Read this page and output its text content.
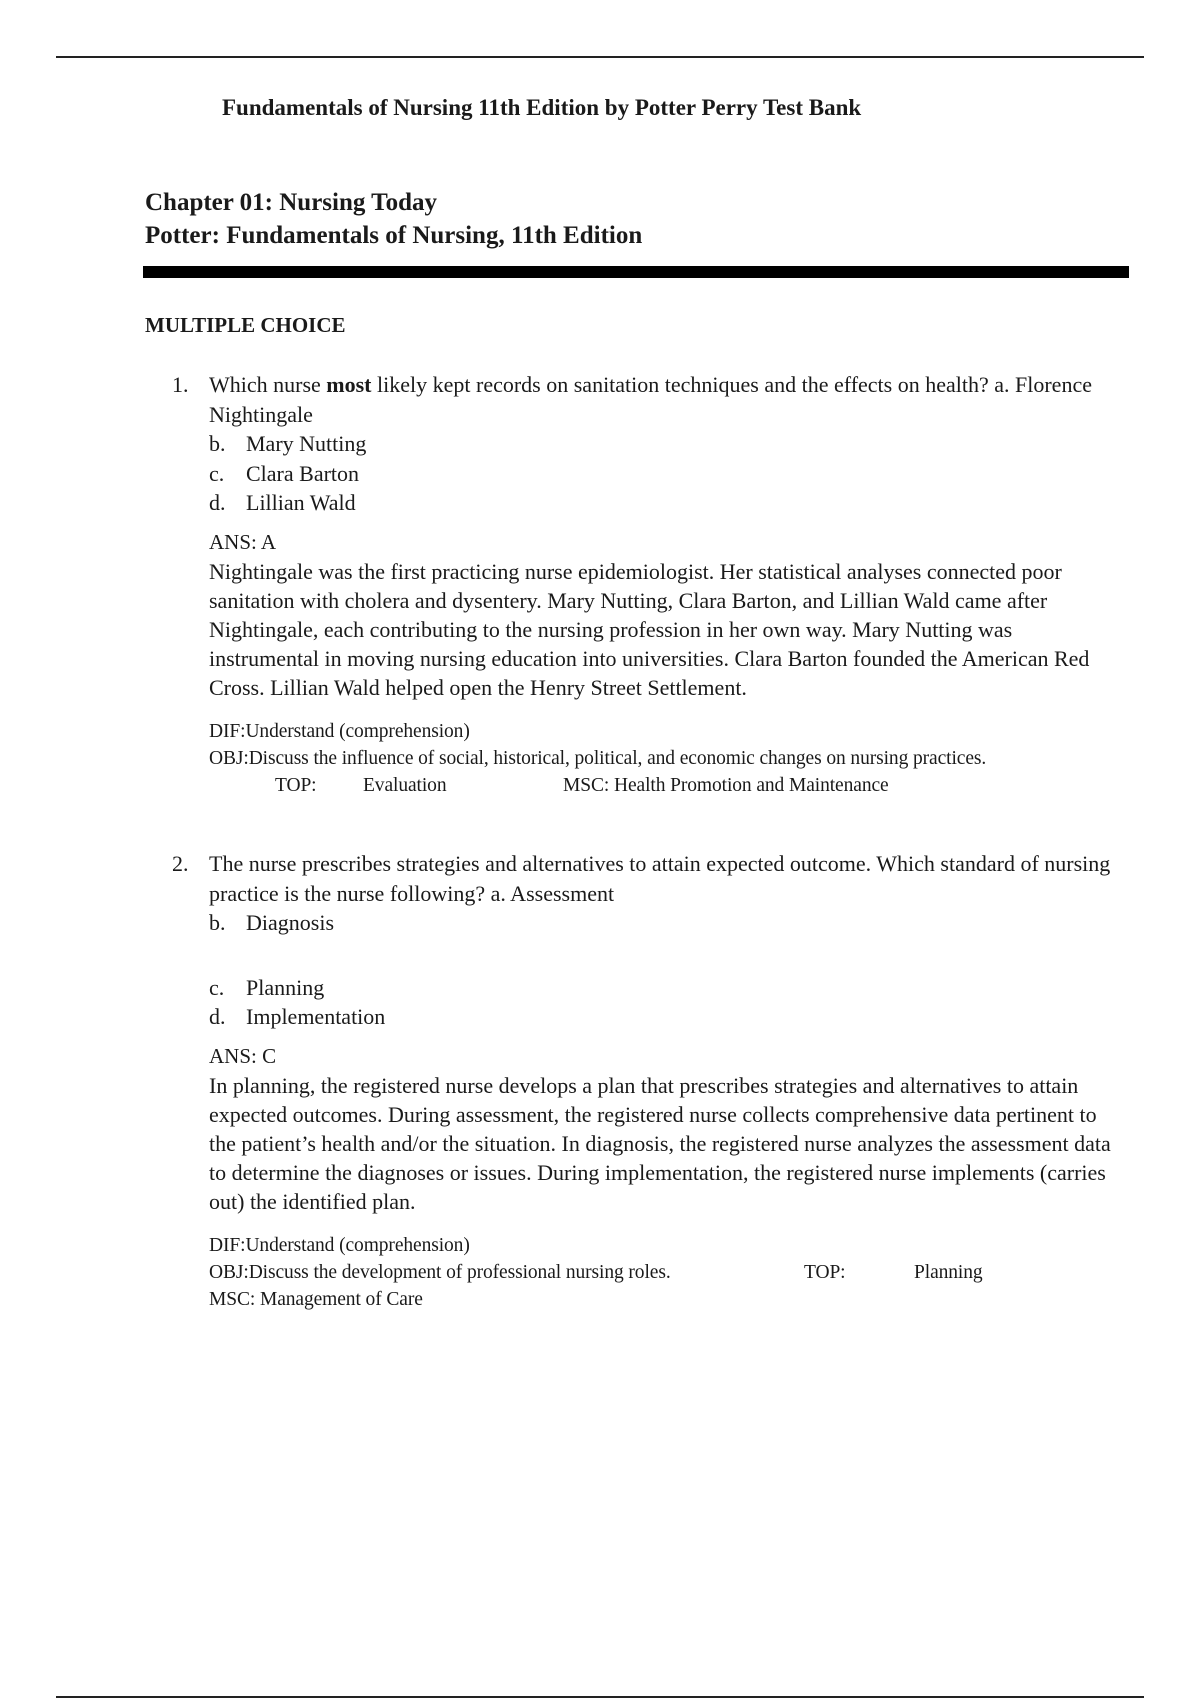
Fundamentals of Nursing 11th Edition by Potter Perry Test Bank
Chapter 01: Nursing Today
Potter: Fundamentals of Nursing, 11th Edition
MULTIPLE CHOICE
1. Which nurse most likely kept records on sanitation techniques and the effects on health? a. Florence Nightingale
b. Mary Nutting
c. Clara Barton
d. Lillian Wald
ANS: A
Nightingale was the first practicing nurse epidemiologist. Her statistical analyses connected poor sanitation with cholera and dysentery. Mary Nutting, Clara Barton, and Lillian Wald came after Nightingale, each contributing to the nursing profession in her own way. Mary Nutting was instrumental in moving nursing education into universities. Clara Barton founded the American Red Cross. Lillian Wald helped open the Henry Street Settlement.
DIF:Understand (comprehension)
OBJ:Discuss the influence of social, historical, political, and economic changes on nursing practices.
TOP: Evaluation	MSC: Health Promotion and Maintenance
2. The nurse prescribes strategies and alternatives to attain expected outcome. Which standard of nursing practice is the nurse following? a. Assessment
b. Diagnosis
c. Planning
d. Implementation
ANS: C
In planning, the registered nurse develops a plan that prescribes strategies and alternatives to attain expected outcomes. During assessment, the registered nurse collects comprehensive data pertinent to the patient’s health and/or the situation. In diagnosis, the registered nurse analyzes the assessment data to determine the diagnoses or issues. During implementation, the registered nurse implements (carries out) the identified plan.
DIF:Understand (comprehension)
OBJ:Discuss the development of professional nursing roles.	TOP:	Planning
MSC: Management of Care
